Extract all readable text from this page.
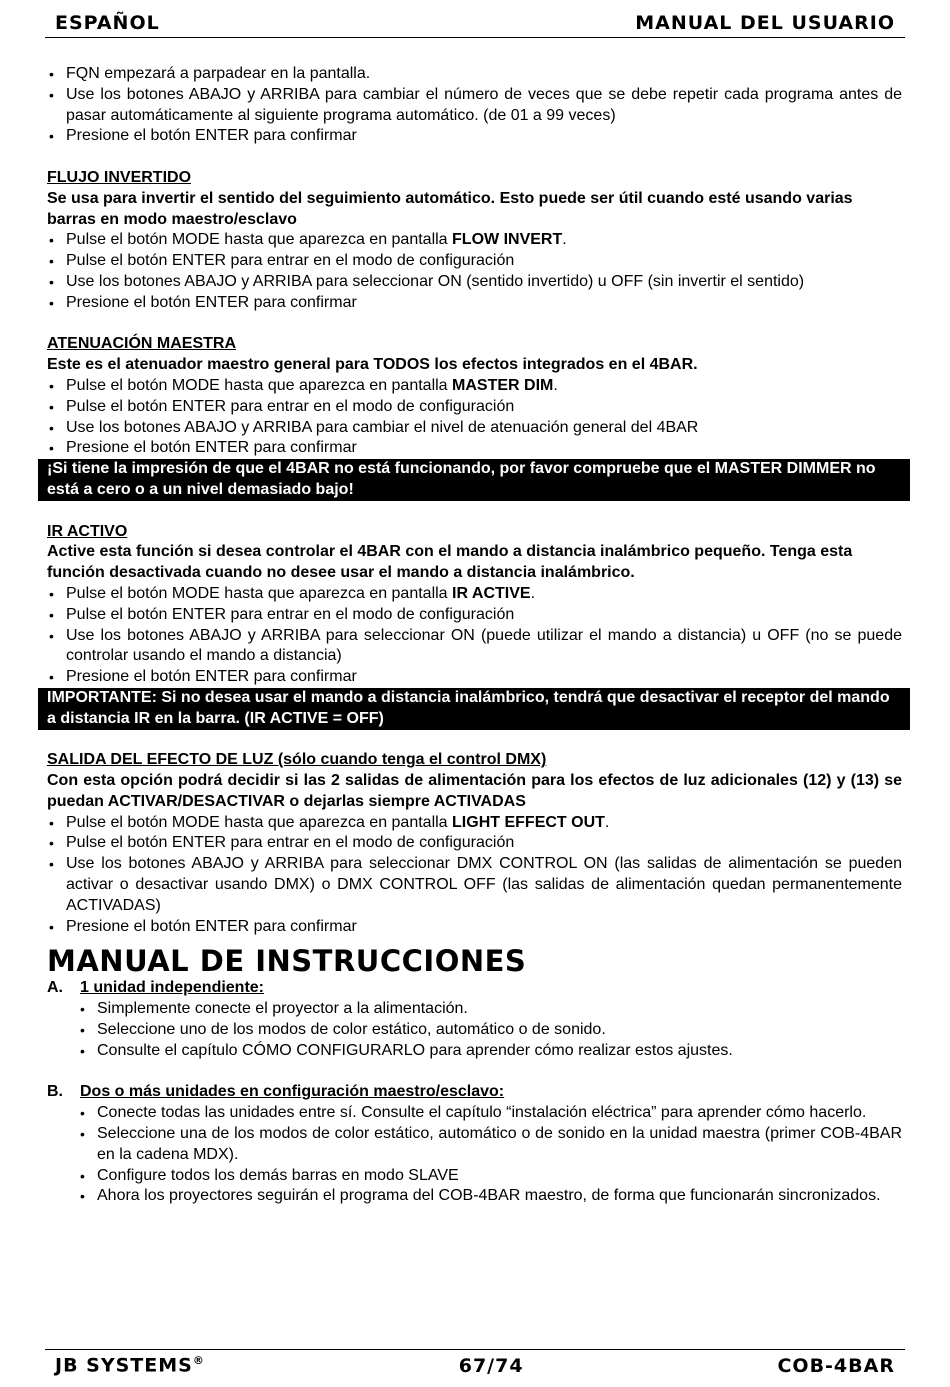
ESPAÑOL	MANUAL DEL USUARIO
• FQN empezará a parpadear en la pantalla.
• Use los botones ABAJO y ARRIBA para cambiar el número de veces que se debe repetir cada programa antes de pasar automáticamente al siguiente programa automático. (de 01 a 99 veces)
• Presione el botón ENTER para confirmar
FLUJO INVERTIDO
Se usa para invertir el sentido del seguimiento automático. Esto puede ser útil cuando esté usando varias barras en modo maestro/esclavo
• Pulse el botón MODE hasta que aparezca en pantalla FLOW INVERT.
• Pulse el botón ENTER para entrar en el modo de configuración
• Use los botones ABAJO y ARRIBA para seleccionar ON (sentido invertido) u OFF (sin invertir el sentido)
• Presione el botón ENTER para confirmar
ATENUACIÓN MAESTRA
Este es el atenuador maestro general para TODOS los efectos integrados en el 4BAR.
• Pulse el botón MODE hasta que aparezca en pantalla MASTER DIM.
• Pulse el botón ENTER para entrar en el modo de configuración
• Use los botones ABAJO y ARRIBA para cambiar el nivel de atenuación general del 4BAR
• Presione el botón ENTER para confirmar
¡Si tiene la impresión de que el 4BAR no está funcionando, por favor compruebe que el MASTER DIMMER no está a cero o a un nivel demasiado bajo!
IR ACTIVO
Active esta función si desea controlar el 4BAR con el mando a distancia inalámbrico pequeño. Tenga esta función desactivada cuando no desee usar el mando a distancia inalámbrico.
• Pulse el botón MODE hasta que aparezca en pantalla IR ACTIVE.
• Pulse el botón ENTER para entrar en el modo de configuración
• Use los botones ABAJO y ARRIBA para seleccionar ON (puede utilizar el mando a distancia) u OFF (no se puede controlar usando el mando a distancia)
• Presione el botón ENTER para confirmar
IMPORTANTE: Si no desea usar el mando a distancia inalámbrico, tendrá que desactivar el receptor del mando a distancia IR en la barra. (IR ACTIVE = OFF)
SALIDA DEL EFECTO DE LUZ (sólo cuando tenga el control DMX)
Con esta opción podrá decidir si las 2 salidas de alimentación para los efectos de luz adicionales (12) y (13) se puedan ACTIVAR/DESACTIVAR o dejarlas siempre ACTIVADAS
• Pulse el botón MODE hasta que aparezca en pantalla LIGHT EFFECT OUT.
• Pulse el botón ENTER para entrar en el modo de configuración
• Use los botones ABAJO y ARRIBA para seleccionar DMX CONTROL ON (las salidas de alimentación se pueden activar o desactivar usando DMX) o DMX CONTROL OFF (las salidas de alimentación quedan permanentemente ACTIVADAS)
• Presione el botón ENTER para confirmar
MANUAL DE INSTRUCCIONES
A.	1 unidad independiente:
• Simplemente conecte el proyector a la alimentación.
• Seleccione uno de los modos de color estático, automático o de sonido.
• Consulte el capítulo CÓMO CONFIGURARLO para aprender cómo realizar estos ajustes.
B.	Dos o más unidades en configuración maestro/esclavo:
• Conecte todas las unidades entre sí. Consulte el capítulo “instalación eléctrica” para aprender cómo hacerlo.
• Seleccione una de los modos de color estático, automático o de sonido en la unidad maestra (primer COB-4BAR en la cadena MDX).
• Configure todos los demás barras en modo SLAVE
• Ahora los proyectores seguirán el programa del COB-4BAR maestro, de forma que funcionarán sincronizados.
JB SYSTEMS®	67/74	COB-4BAR
